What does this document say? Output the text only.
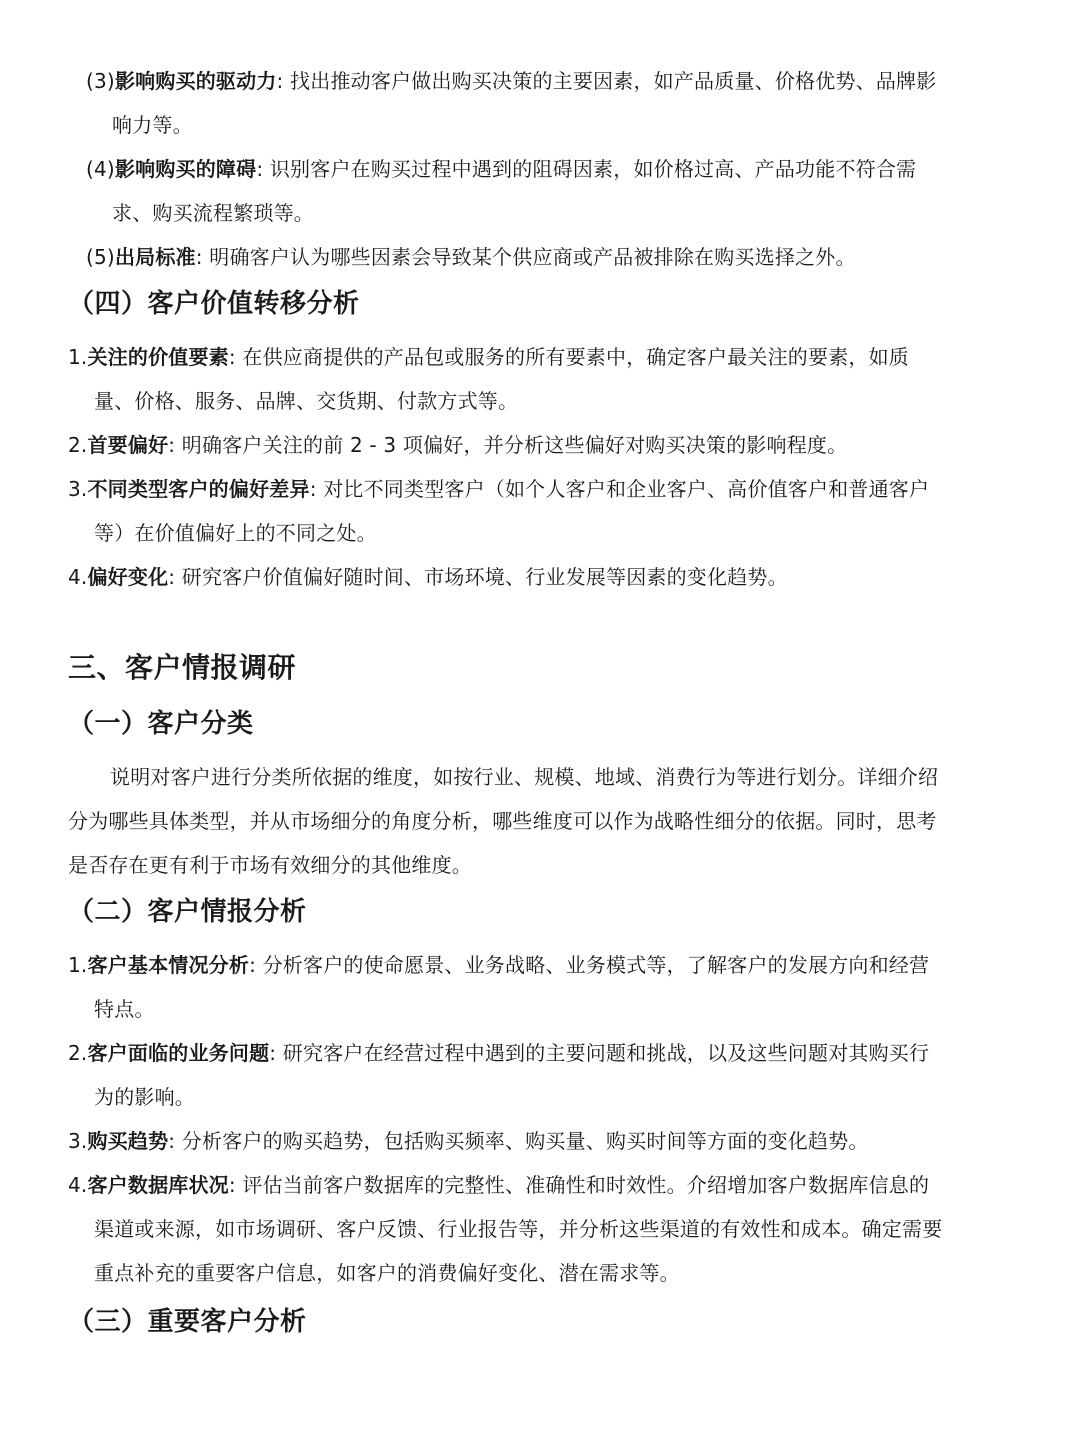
(3)影响购买的驱动力: 找出推动客户做出购买决策的主要因素，如产品质量、价格优势、品牌影
响力等。
(4)影响购买的障碍: 识别客户在购买过程中遇到的阻碍因素，如价格过高、产品功能不符合需
求、购买流程繁琐等。
(5)出局标准: 明确客户认为哪些因素会导致某个供应商或产品被排除在购买选择之外。
（四）客户价值转移分析
1.关注的价值要素: 在供应商提供的产品包或服务的所有要素中，确定客户最关注的要素，如质
量、价格、服务、品牌、交货期、付款方式等。
2.首要偏好: 明确客户关注的前 2 - 3 项偏好，并分析这些偏好对购买决策的影响程度。
3.不同类型客户的偏好差异: 对比不同类型客户（如个人客户和企业客户、高价值客户和普通客户
等）在价值偏好上的不同之处。
4.偏好变化: 研究客户价值偏好随时间、市场环境、行业发展等因素的变化趋势。
三、客户情报调研
（一）客户分类
说明对客户进行分类所依据的维度，如按行业、规模、地域、消费行为等进行划分。详细介绍
分为哪些具体类型，并从市场细分的角度分析，哪些维度可以作为战略性细分的依据。同时，思考
是否存在更有利于市场有效细分的其他维度。
（二）客户情报分析
1.客户基本情况分析: 分析客户的使命愿景、业务战略、业务模式等，了解客户的发展方向和经营
特点。
2.客户面临的业务问题: 研究客户在经营过程中遇到的主要问题和挑战，以及这些问题对其购买行
为的影响。
3.购买趋势: 分析客户的购买趋势，包括购买频率、购买量、购买时间等方面的变化趋势。
4.客户数据库状况: 评估当前客户数据库的完整性、准确性和时效性。介绍增加客户数据库信息的
渠道或来源，如市场调研、客户反馈、行业报告等，并分析这些渠道的有效性和成本。确定需要
重点补充的重要客户信息，如客户的消费偏好变化、潜在需求等。
（三）重要客户分析
